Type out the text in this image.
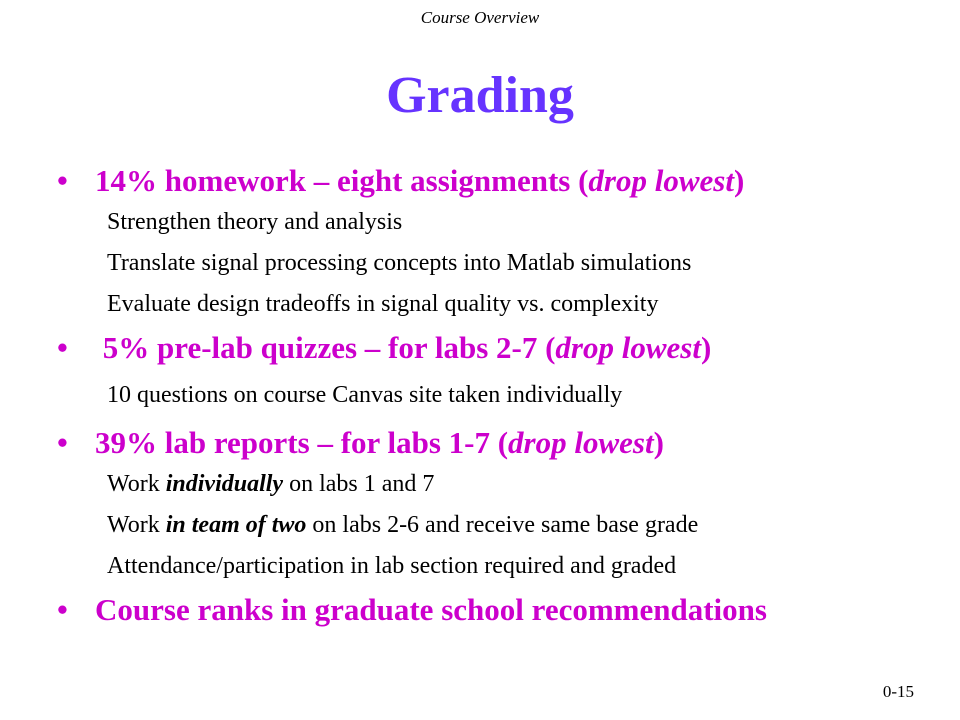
Course Overview
Grading
• 14% homework – eight assignments (drop lowest)
Strengthen theory and analysis
Translate signal processing concepts into Matlab simulations
Evaluate design tradeoffs in signal quality vs. complexity
• 5% pre-lab quizzes – for labs 2-7 (drop lowest)
10 questions on course Canvas site taken individually
• 39% lab reports – for labs 1-7 (drop lowest)
Work individually on labs 1 and 7
Work in team of two on labs 2-6 and receive same base grade
Attendance/participation in lab section required and graded
• Course ranks in graduate school recommendations
0-15
